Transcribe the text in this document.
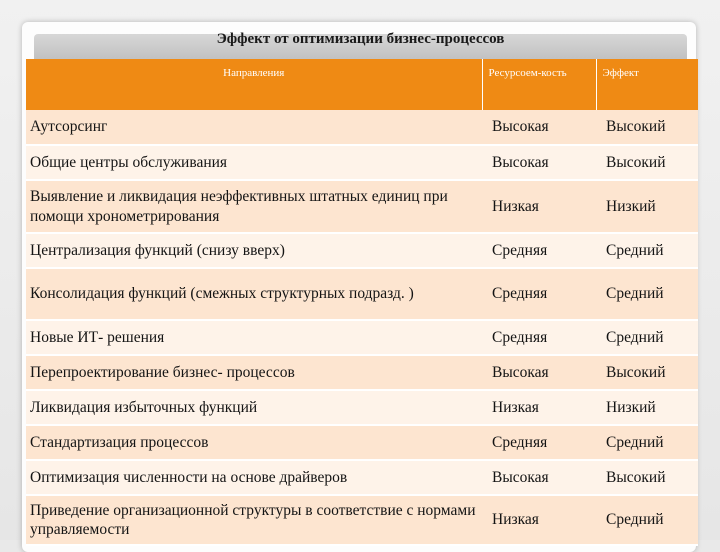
Эффект от оптимизации бизнес-процессов
Направления	Ресурсоем-кость	Эффект
Аутсорсинг	Высокая	Высокий
Общие центры обслуживания	Высокая	Высокий
Выявление и ликвидация неэффективных штатных единиц при помощи хронометрирования	Низкая	Низкий
Централизация функций (снизу вверх)	Средняя	Средний
Консолидация функций (смежных структурных подразд. )	Средняя	Средний
Новые ИТ- решения	Средняя	Средний
Перепроектирование бизнес- процессов	Высокая	Высокий
Ликвидация избыточных функций	Низкая	Низкий
Стандартизация процессов	Средняя	Средний
Оптимизация численности на основе драйверов	Высокая	Высокий
Приведение организационной структуры в соответствие с нормами управляемости	Низкая	Средний
